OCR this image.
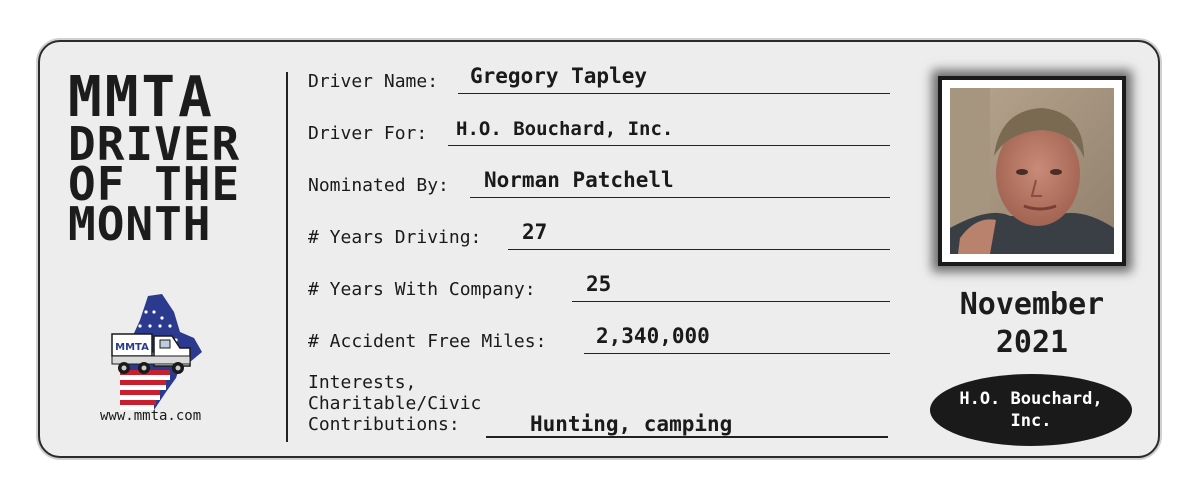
MMTA
DRIVER
OF THE
MONTH
MMTA
www.mmta.com
Driver Name: Gregory Tapley
Driver For: H.O. Bouchard, Inc.
Nominated By: Norman Patchell
# Years Driving: 27
# Years With Company: 25
# Accident Free Miles: 2,340,000
Interests,
Charitable/Civic
Contributions:	Hunting, camping
November
2021
H.O. Bouchard,
Inc.
